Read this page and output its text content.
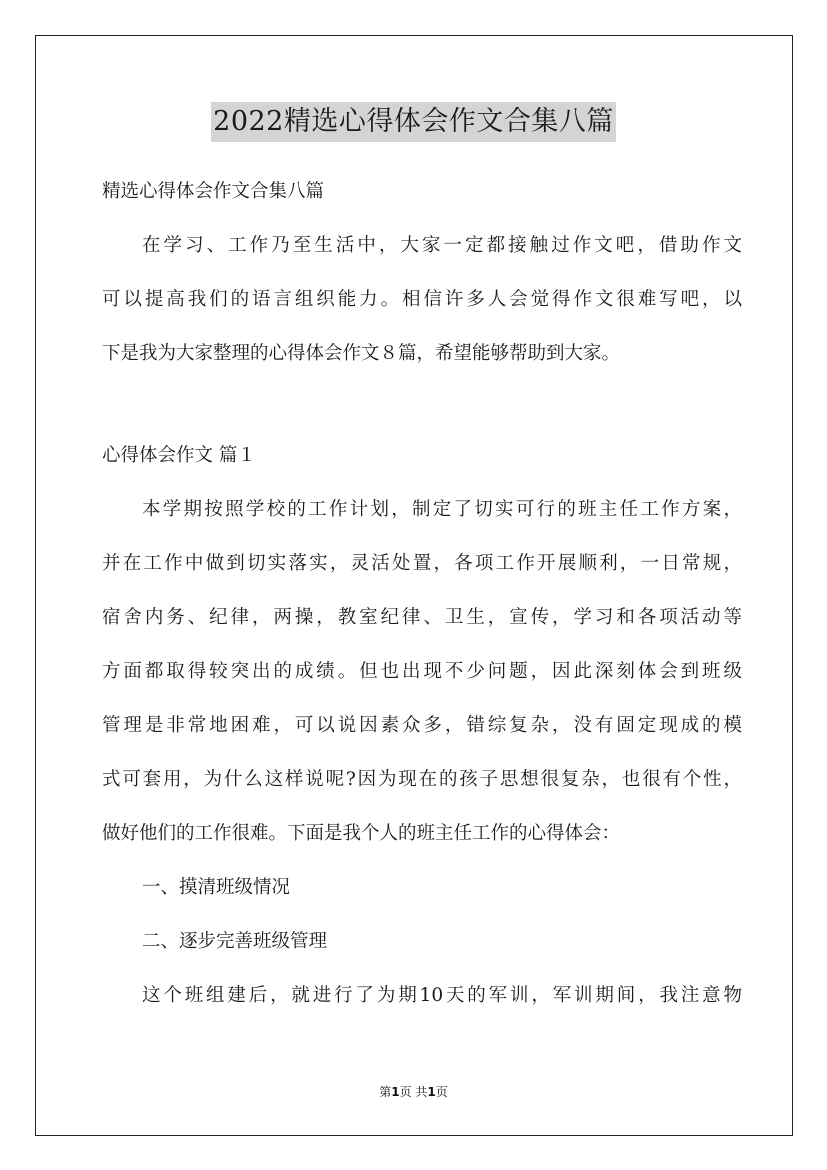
2022精选心得体会作文合集八篇
精选心得体会作文合集八篇
在学习、工作乃至生活中，大家一定都接触过作文吧，借助作文
可以提高我们的语言组织能力。相信许多人会觉得作文很难写吧，以
下是我为大家整理的心得体会作文８篇，希望能够帮助到大家。
心得体会作文 篇１
本学期按照学校的工作计划，制定了切实可行的班主任工作方案，
并在工作中做到切实落实，灵活处置，各项工作开展顺利，一日常规，
宿舍内务、纪律，两操，教室纪律、卫生，宣传，学习和各项活动等
方面都取得较突出的成绩。但也出现不少问题，因此深刻体会到班级
管理是非常地困难，可以说因素众多，错综复杂，没有固定现成的模
式可套用，为什么这样说呢?因为现在的孩子思想很复杂，也很有个性，
做好他们的工作很难。下面是我个人的班主任工作的心得体会：
一、摸清班级情况
二、逐步完善班级管理
这个班组建后，就进行了为期10天的军训，军训期间，我注意物
第1页 共1页
